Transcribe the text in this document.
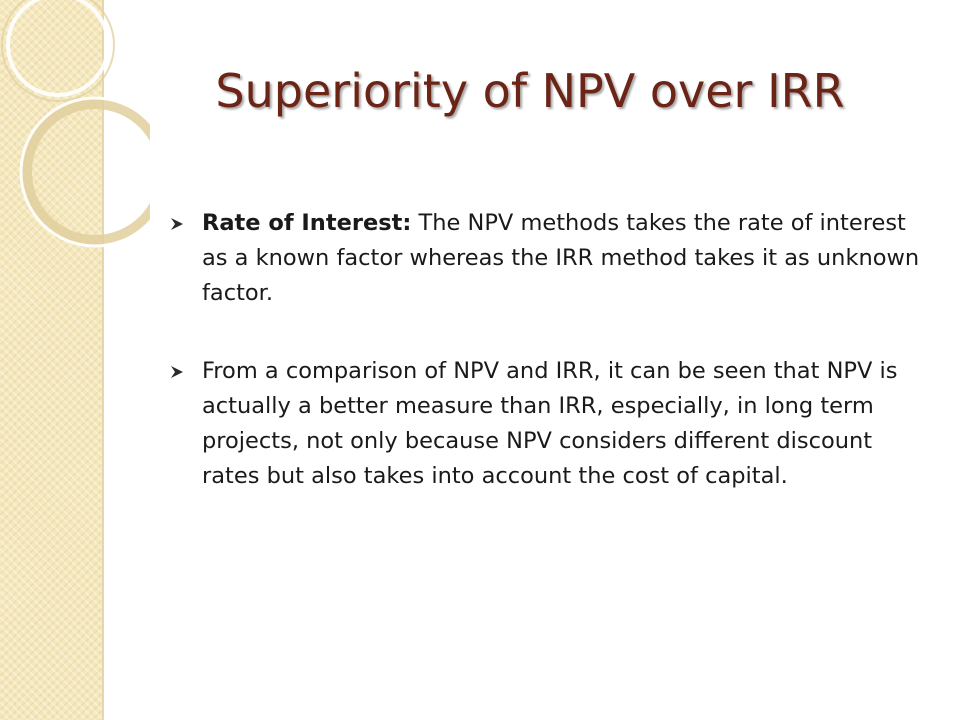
Superiority of NPV over IRR

Rate of Interest: The NPV methods takes the rate of interest as a known factor whereas the IRR method takes it as unknown factor.

From a comparison of NPV and IRR, it can be seen that NPV is actually a better measure than IRR, especially, in long term projects, not only because NPV considers different discount rates but also takes into account the cost of capital.
